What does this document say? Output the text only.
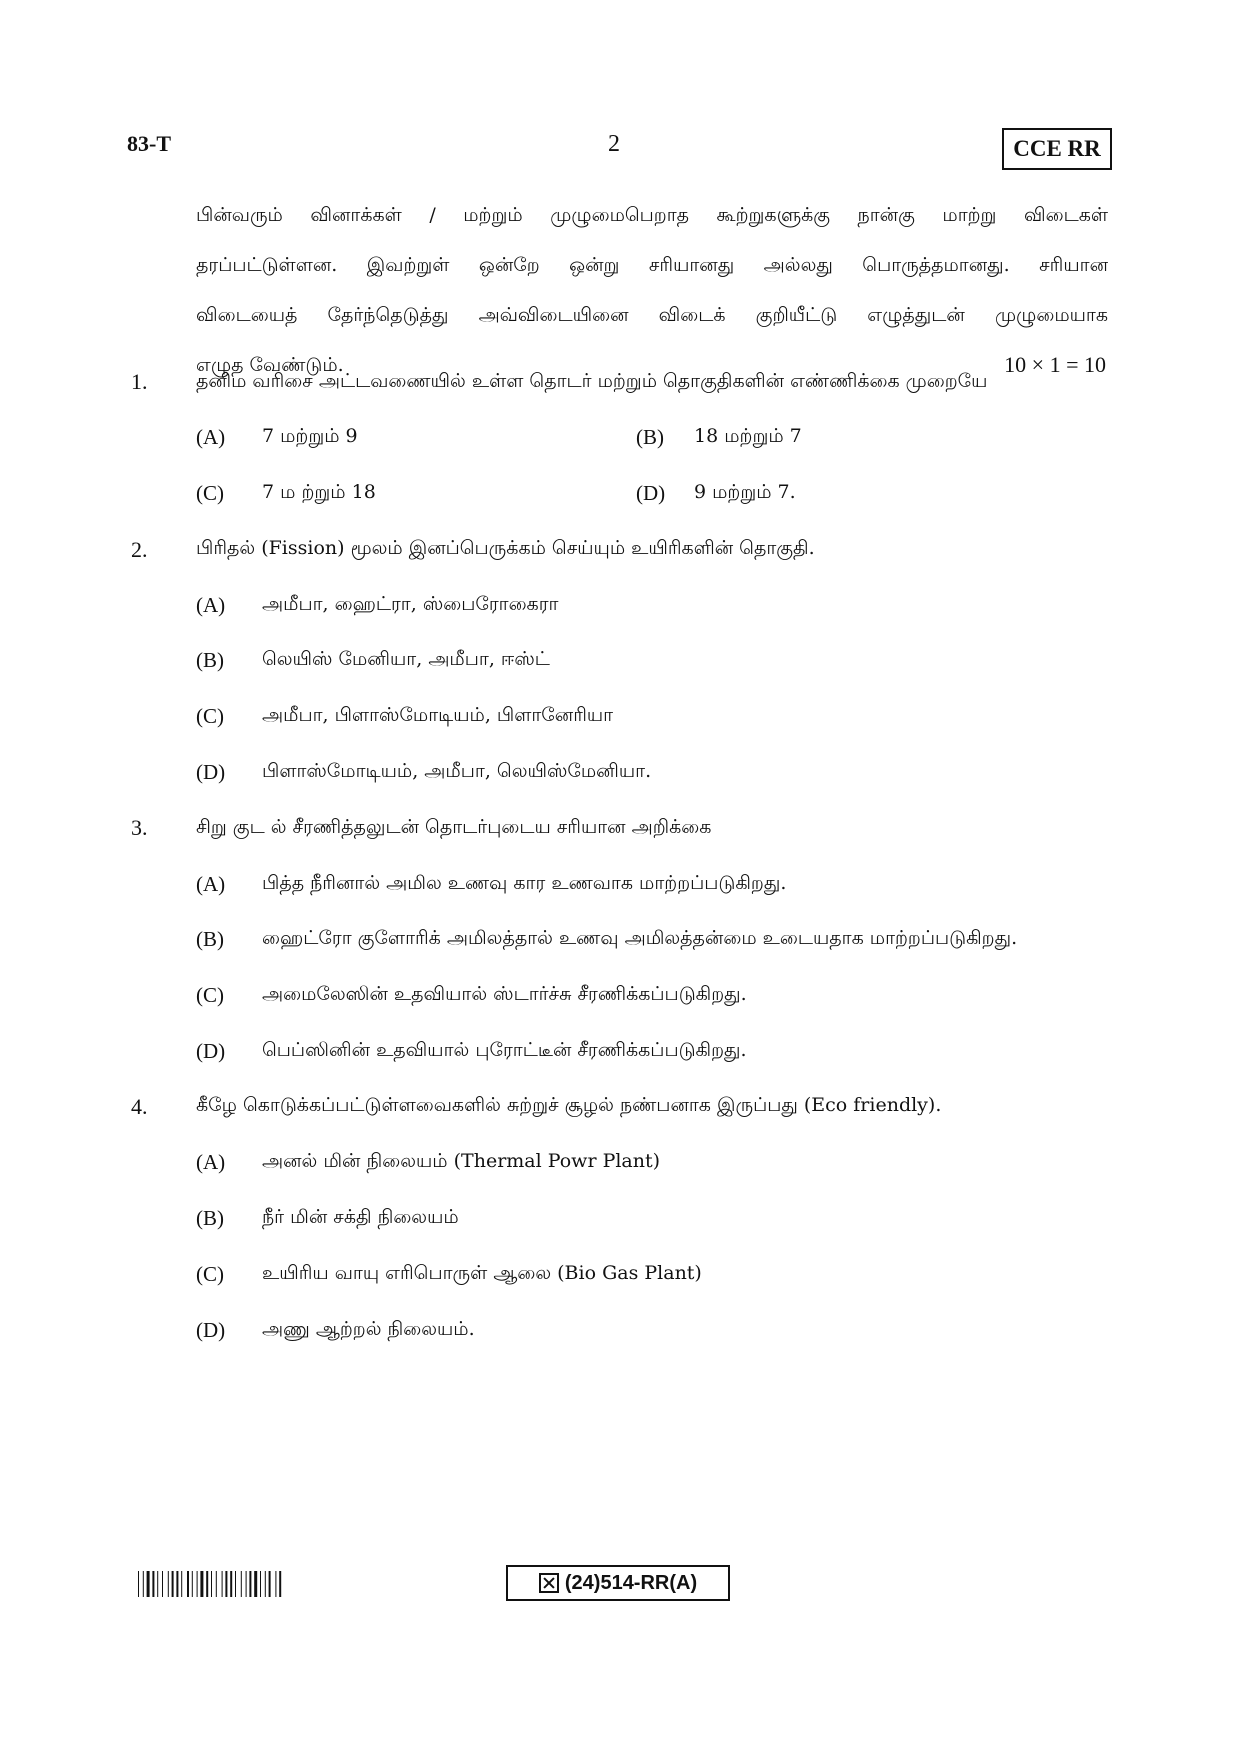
83-T	2	CCE RR
பின்வரும் வினாக்கள் / மற்றும் முழுமைபெறாத கூற்றுகளுக்கு நான்கு மாற்று விடைகள்
தரப்பட்டுள்ளன. இவற்றுள் ஒன்றே ஒன்று சரியானது அல்லது பொருத்தமானது. சரியான
விடையைத் தேர்ந்தெடுத்து அவ்விடையினை விடைக் குறியீட்டு எழுத்துடன் முழுமையாக
எழுத வேண்டும்.	10 × 1 = 10
1.	தனிம வரிசை அட்டவணையில் உள்ள தொடர் மற்றும் தொகுதிகளின் எண்ணிக்கை முறையே
(A) 7 மற்றும் 9	(B) 18 மற்றும் 7
(C) 7 ம ற்றும் 18	(D) 9 மற்றும் 7.
2.	பிரிதல் (Fission) மூலம் இனப்பெருக்கம் செய்யும் உயிரிகளின் தொகுதி.
(A) அமீபா, ஹைட்ரா, ஸ்பைரோகைரா
(B) லெயிஸ் மேனியா, அமீபா, ஈஸ்ட்
(C) அமீபா, பிளாஸ்மோடியம், பிளானேரியா
(D) பிளாஸ்மோடியம், அமீபா, லெயிஸ்மேனியா.
3.	சிறு குட ல் சீரணித்தலுடன் தொடர்புடைய சரியான அறிக்கை
(A) பித்த நீரினால் அமில உணவு கார உணவாக மாற்றப்படுகிறது.
(B) ஹைட்ரோ குளோரிக் அமிலத்தால் உணவு அமிலத்தன்மை உடையதாக மாற்றப்படுகிறது.
(C) அமைலேஸின் உதவியால் ஸ்டார்ச்சு சீரணிக்கப்படுகிறது.
(D) பெப்ஸினின் உதவியால் புரோட்டீன் சீரணிக்கப்படுகிறது.
4.	கீழே கொடுக்கப்பட்டுள்ளவைகளில் சுற்றுச் சூழல் நண்பனாக இருப்பது (Eco friendly).
(A) அனல் மின் நிலையம் (Thermal Powr Plant)
(B) நீர் மின் சக்தி நிலையம்
(C) உயிரிய வாயு எரிபொருள் ஆலை (Bio Gas Plant)
(D) அணு ஆற்றல் நிலையம்.
(24)514-RR(A)
